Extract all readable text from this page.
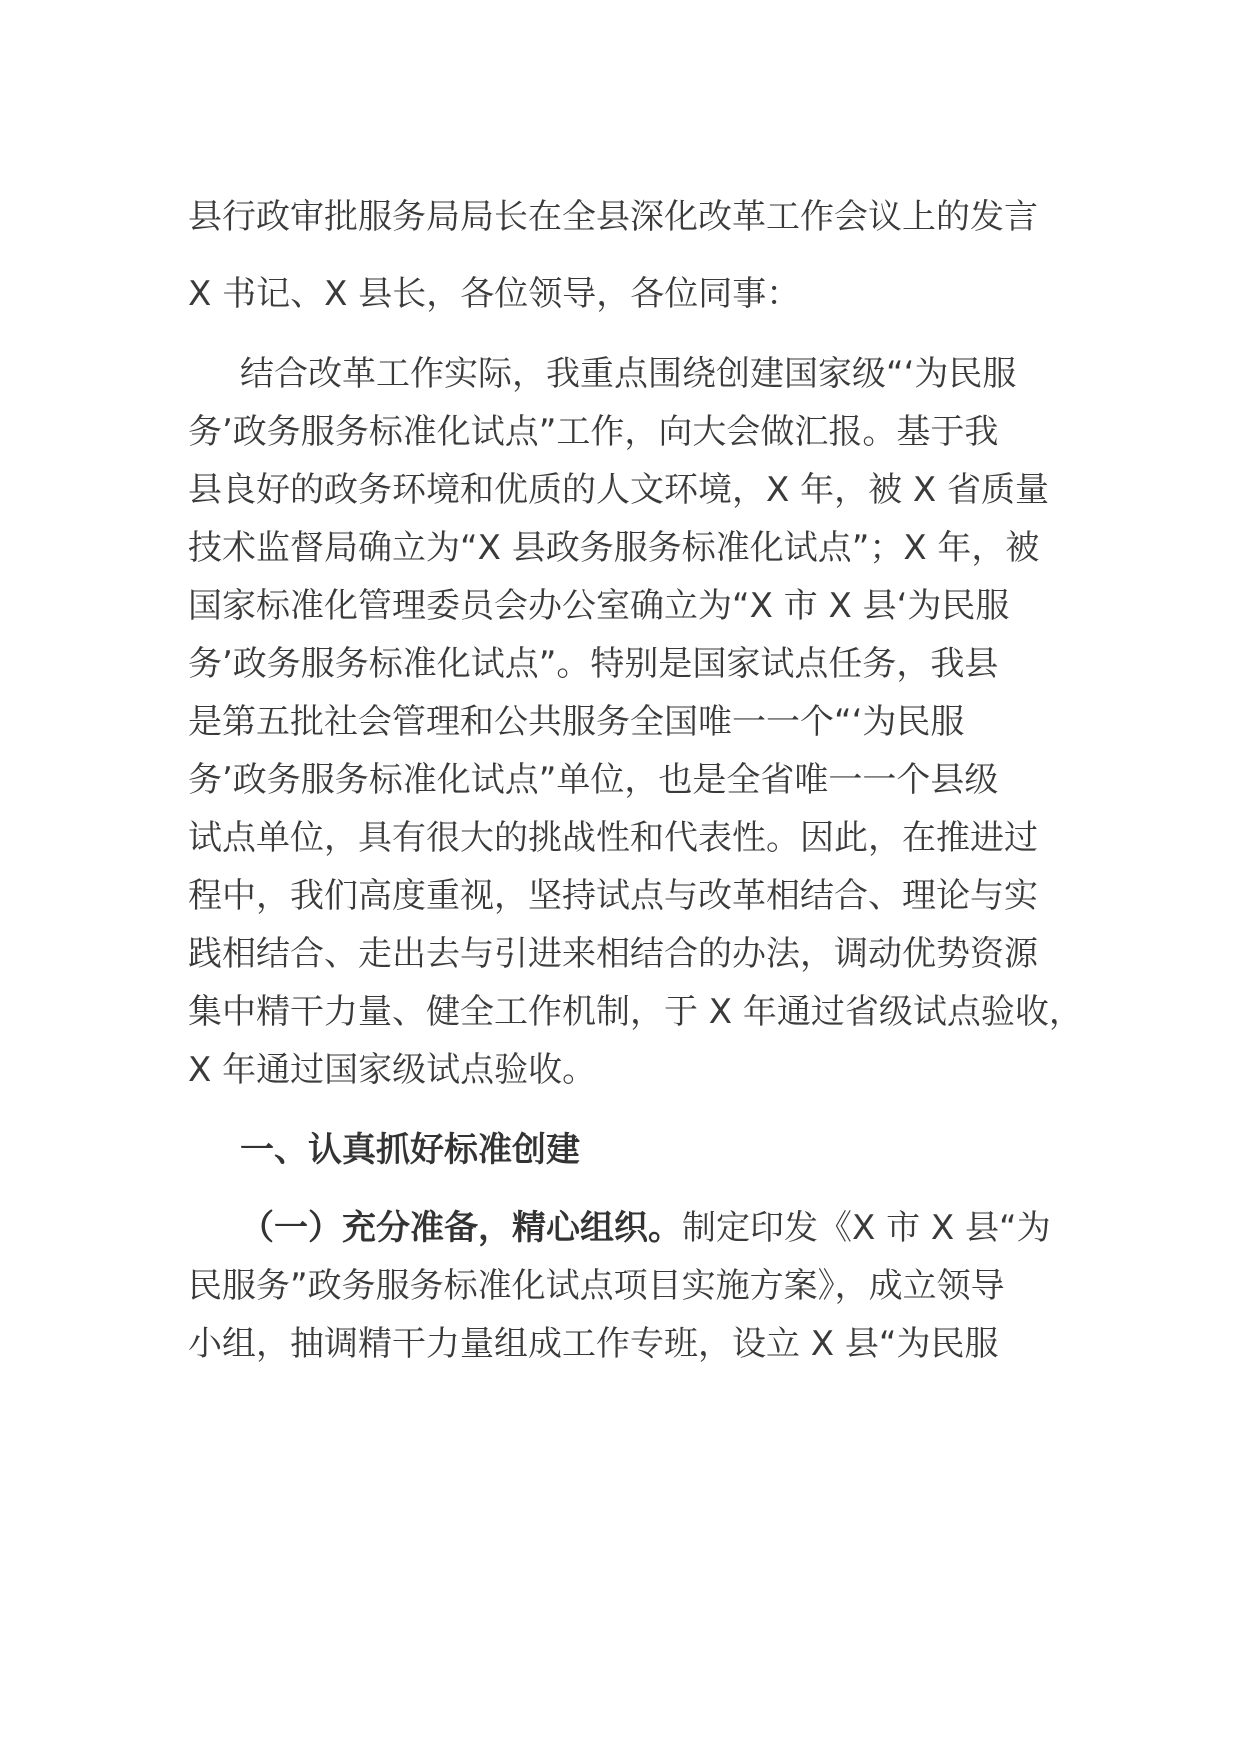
县行政审批服务局局长在全县深化改革工作会议上的发言
X 书记、X 县长，各位领导，各位同事：
结合改革工作实际，我重点围绕创建国家级“‘为民服
务’政务服务标准化试点”工作，向大会做汇报。基于我
县良好的政务环境和优质的人文环境，X 年，被 X 省质量
技术监督局确立为“X 县政务服务标准化试点”；X 年，被
国家标准化管理委员会办公室确立为“X 市 X 县‘为民服
务’政务服务标准化试点”。特别是国家试点任务，我县
是第五批社会管理和公共服务全国唯一一个“‘为民服
务’政务服务标准化试点”单位，也是全省唯一一个县级
试点单位，具有很大的挑战性和代表性。因此，在推进过
程中，我们高度重视，坚持试点与改革相结合、理论与实
践相结合、走出去与引进来相结合的办法，调动优势资源
集中精干力量、健全工作机制，于 X 年通过省级试点验收，
X 年通过国家级试点验收。
一、认真抓好标准创建
（一）充分准备，精心组织。制定印发《X 市 X 县“为
民服务”政务服务标准化试点项目实施方案》，成立领导
小组，抽调精干力量组成工作专班，设立 X 县“为民服
